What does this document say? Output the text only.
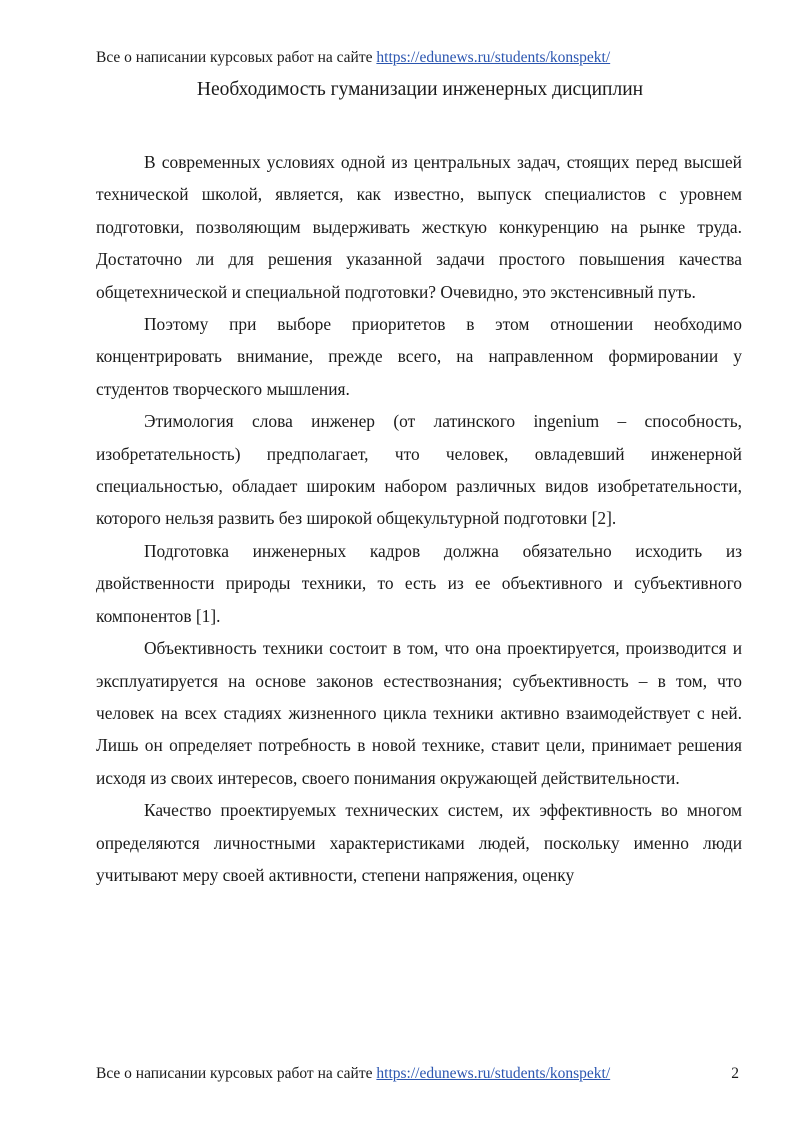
Все о написании курсовых работ на сайте https://edunews.ru/students/konspekt/
Необходимость гуманизации инженерных дисциплин

В современных условиях одной из центральных задач, стоящих перед высшей технической школой, является, как известно, выпуск специалистов с уровнем подготовки, позволяющим выдерживать жесткую конкуренцию на рынке труда. Достаточно ли для решения указанной задачи простого повышения качества общетехнической и специальной подготовки? Очевидно, это экстенсивный путь.

Поэтому при выборе приоритетов в этом отношении необходимо концентрировать внимание, прежде всего, на направленном формировании у студентов творческого мышления.

Этимология слова инженер (от латинского ingenium – способность, изобретательность) предполагает, что человек, овладевший инженерной специальностью, обладает широким набором различных видов изобретательности, которого нельзя развить без широкой общекультурной подготовки [2].

Подготовка инженерных кадров должна обязательно исходить из двойственности природы техники, то есть из ее объективного и субъективного компонентов [1].

Объективность техники состоит в том, что она проектируется, производится и эксплуатируется на основе законов естествознания; субъективность – в том, что человек на всех стадиях жизненного цикла техники активно взаимодействует с ней. Лишь он определяет потребность в новой технике, ставит цели, принимает решения исходя из своих интересов, своего понимания окружающей действительности.

Качество проектируемых технических систем, их эффективность во многом определяются личностными характеристиками людей, поскольку именно люди учитывают меру своей активности, степени напряжения, оценку

Все о написании курсовых работ на сайте https://edunews.ru/students/konspekt/	2
